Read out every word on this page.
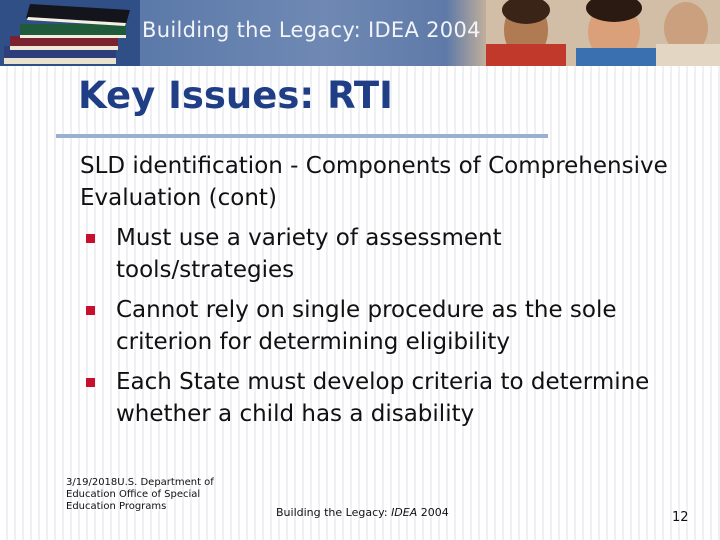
Building the Legacy: IDEA 2004
Key Issues: RTI

SLD identification - Components of Comprehensive Evaluation (cont)

Must use a variety of assessment tools/strategies
Cannot rely on single procedure as the sole criterion for determining eligibility
Each State must develop criteria to determine whether a child has a disability
3/19/2018U.S. Department of Education Office of Special Education Programs	Building the Legacy: IDEA 2004	12
